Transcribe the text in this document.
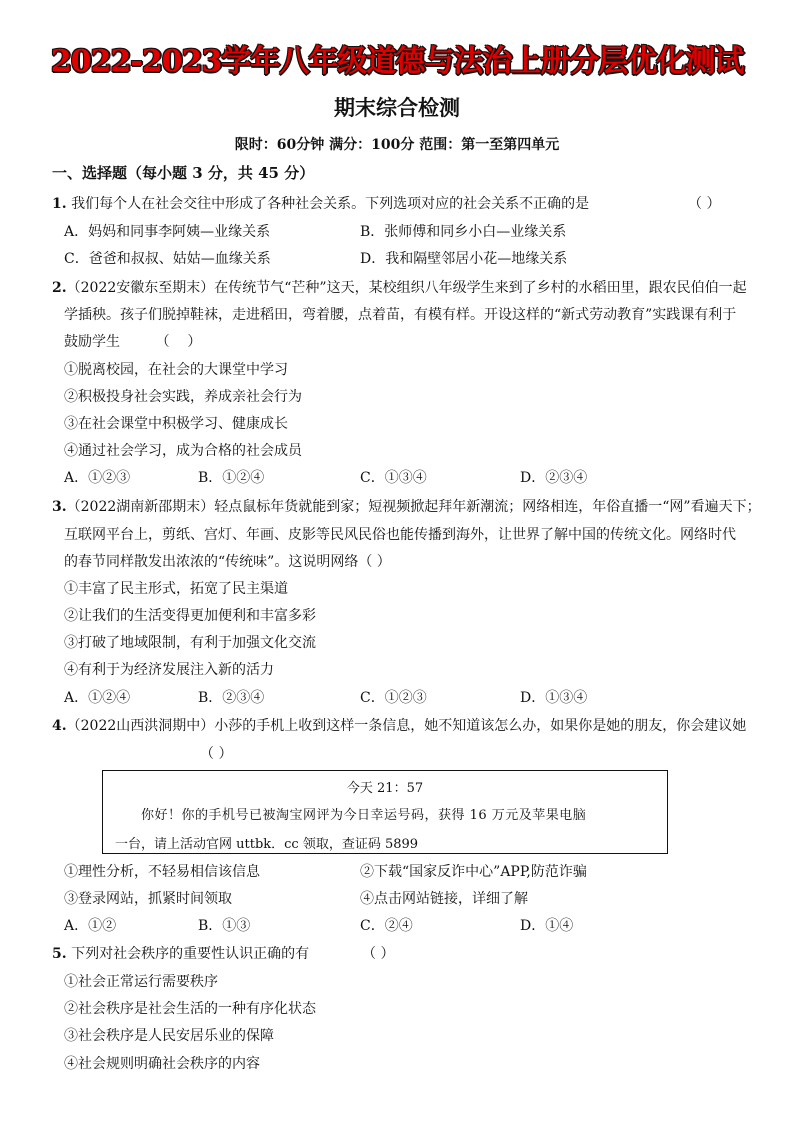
2022-2023学年八年级道德与法治上册分层优化测试
期末综合检测
限时：60分钟 满分：100分 范围：第一至第四单元
一、选择题（每小题 3 分，共 45 分）
1. 我们每个人在社会交往中形成了各种社会关系。下列选项对应的社会关系不正确的是	（ ）
A．妈妈和同事李阿姨—业缘关系	B．张师傅和同乡小白—业缘关系
C．爸爸和叔叔、姑姑—血缘关系	D．我和隔壁邻居小花—地缘关系
2.（2022安徽东至期末）在传统节气“芒种”这天，某校组织八年级学生来到了乡村的水稻田里，跟农民伯伯一起
学插秧。孩子们脱掉鞋袜，走进稻田，弯着腰，点着苗，有模有样。开设这样的“新式劳动教育”实践课有利于
鼓励学生        （    ）
①脱离校园，在社会的大课堂中学习
②积极投身社会实践，养成亲社会行为
③在社会课堂中积极学习、健康成长
④通过社会学习，成为合格的社会成员
A．①②③	B．①②④	C．①③④	D．②③④
3.（2022湖南新邵期末）轻点鼠标年货就能到家；短视频掀起拜年新潮流；网络相连，年俗直播一“网”看遍天下；
互联网平台上，剪纸、宫灯、年画、皮影等民风民俗也能传播到海外，让世界了解中国的传统文化。网络时代
的春节同样散发出浓浓的“传统味”。这说明网络（ ）
①丰富了民主形式，拓宽了民主渠道
②让我们的生活变得更加便利和丰富多彩
③打破了地域限制，有利于加强文化交流
④有利于为经济发展注入新的活力
A．①②④	B．②③④	C．①②③	D．①③④
4.（2022山西洪洞期中）小莎的手机上收到这样一条信息，她不知道该怎么办，如果你是她的朋友，你会建议她
（ ）
今天 21：57
你好！你的手机号已被淘宝网评为今日幸运号码，获得 16 万元及苹果电脑
一台，请上活动官网 uttbk．cc 领取，查证码 5899
①理性分析，不轻易相信该信息	②下载“国家反诈中心”APP,防范诈骗
③登录网站，抓紧时间领取	④点击网站链接，详细了解
A．①②	B．①③	C．②④	D．①④
5. 下列对社会秩序的重要性认识正确的有	（ ）
①社会正常运行需要秩序
②社会秩序是社会生活的一种有序化状态
③社会秩序是人民安居乐业的保障
④社会规则明确社会秩序的内容
